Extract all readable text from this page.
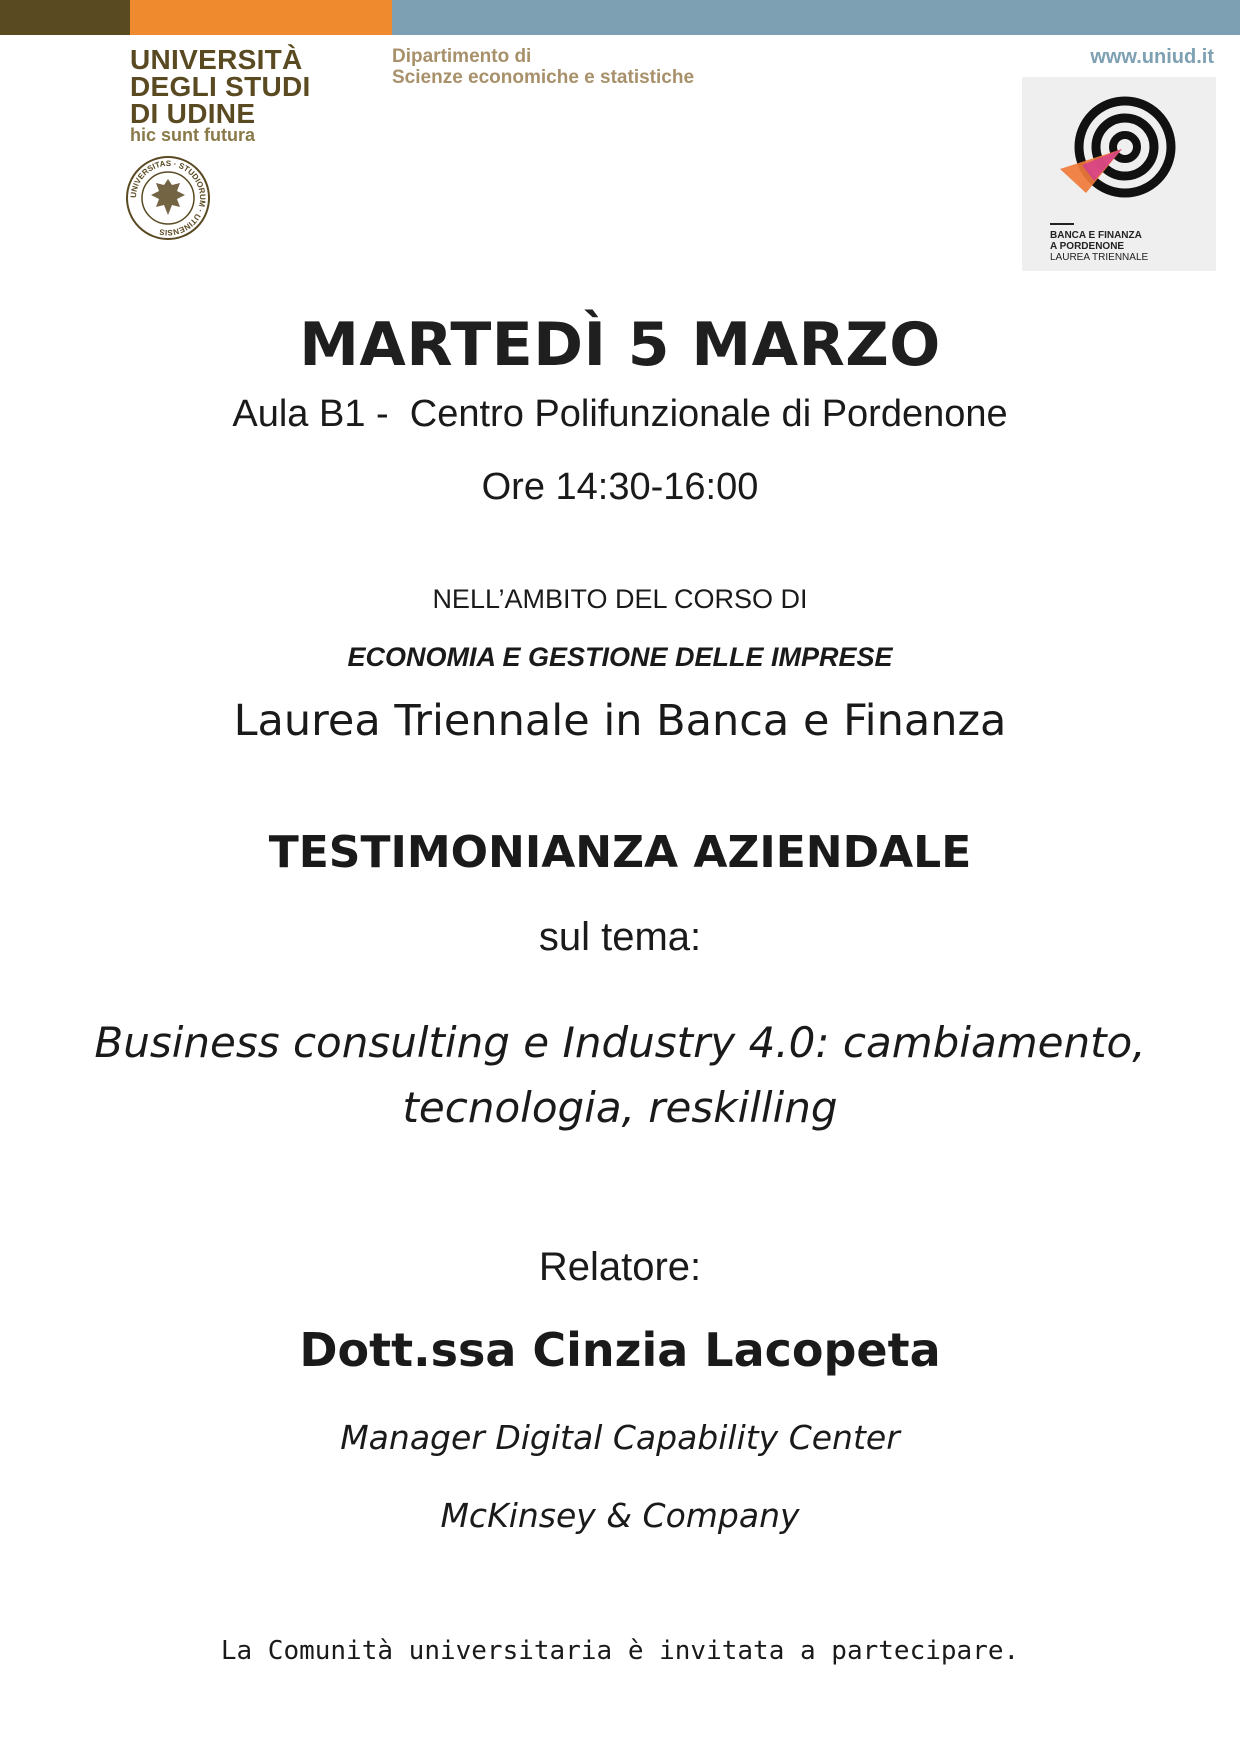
UNIVERSITÀ
DEGLI STUDI
DI UDINE
hic sunt futura
UNIVERSITAS · STUDIORUM · UTINENSIS
Dipartimento di
Scienze economiche e statistiche
www.uniud.it
BANCA E FINANZA
A PORDENONE
LAUREA TRIENNALE
MARTEDÌ 5 MARZO
Aula B1 -  Centro Polifunzionale di Pordenone
Ore 14:30-16:00
NELL’AMBITO DEL CORSO DI
ECONOMIA E GESTIONE DELLE IMPRESE
Laurea Triennale in Banca e Finanza
TESTIMONIANZA AZIENDALE
sul tema:
Business consulting e Industry 4.0: cambiamento,
tecnologia, reskilling
Relatore:
Dott.ssa Cinzia Lacopeta
Manager Digital Capability Center
McKinsey & Company
La Comunità universitaria è invitata a partecipare.
